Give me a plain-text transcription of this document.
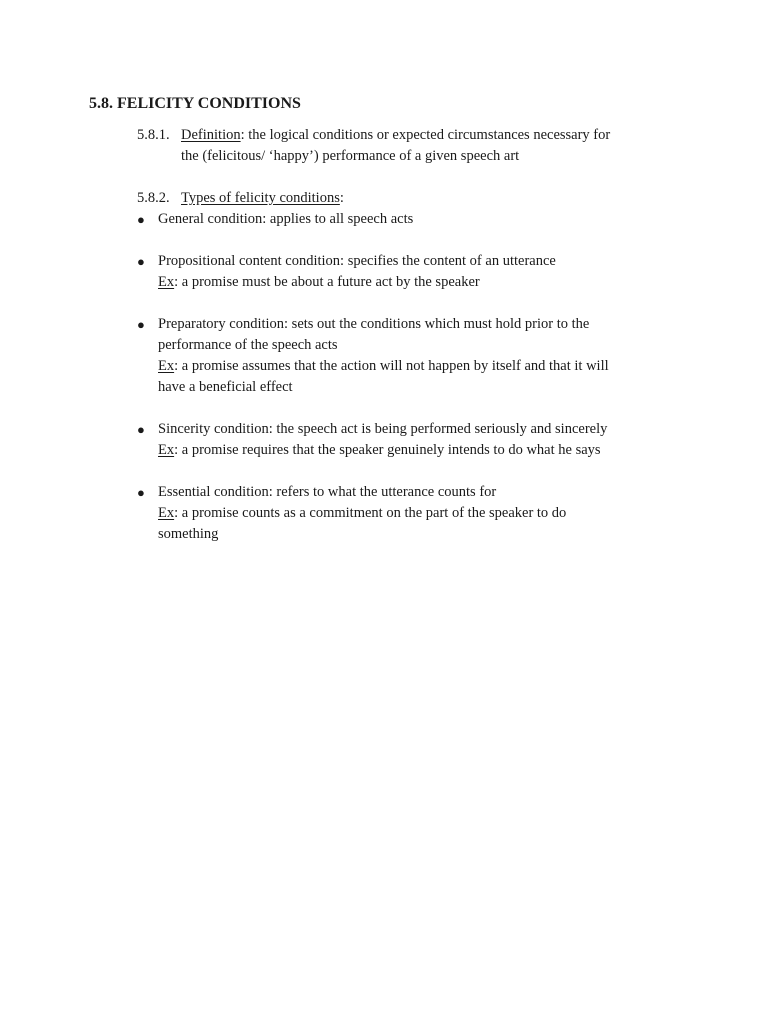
5.8. FELICITY CONDITIONS
5.8.1. Definition: the logical conditions or expected circumstances necessary for
the (felicitous/ ‘happy’) performance of a given speech art
5.8.2. Types of felicity conditions:
● General condition: applies to all speech acts
● Propositional content condition: specifies the content of an utterance
Ex: a promise must be about a future act by the speaker
● Preparatory condition: sets out the conditions which must hold prior to the
performance of the speech acts
Ex: a promise assumes that the action will not happen by itself and that it will
have a beneficial effect
● Sincerity condition: the speech act is being performed seriously and sincerely
Ex: a promise requires that the speaker genuinely intends to do what he says
● Essential condition: refers to what the utterance counts for
Ex: a promise counts as a commitment on the part of the speaker to do
something
